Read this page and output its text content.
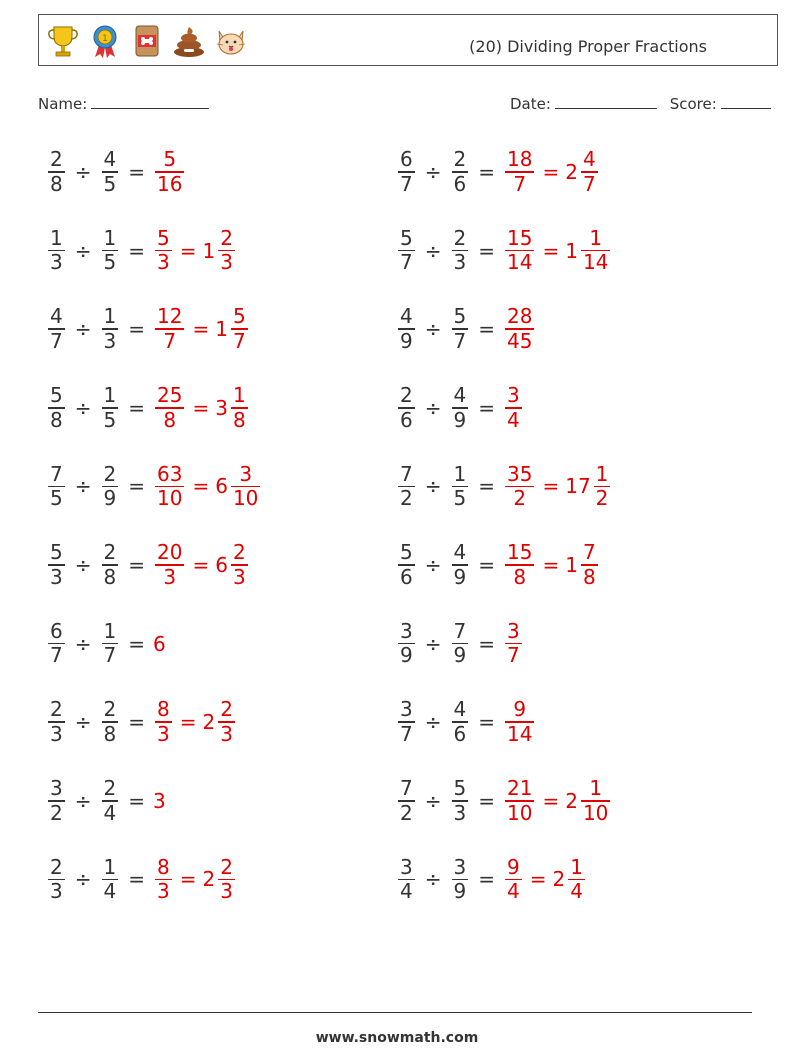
1	(20) Dividing Proper Fractions
Name:	Date:	Score:
$\frac{2}{8} \div \frac{4}{5} = \frac{5}{16}$	$\frac{6}{7} \div \frac{2}{6} = \frac{18}{7} = 2 \frac{4}{7}$
$\frac{1}{3} \div \frac{1}{5} = \frac{5}{3} = 1 \frac{2}{3}$	$\frac{5}{7} \div \frac{2}{3} = \frac{15}{14} = 1 \frac{1}{14}$
$\frac{4}{7} \div \frac{1}{3} = \frac{12}{7} = 1 \frac{5}{7}$	$\frac{4}{9} \div \frac{5}{7} = \frac{28}{45}$
$\frac{5}{8} \div \frac{1}{5} = \frac{25}{8} = 3 \frac{1}{8}$	$\frac{2}{6} \div \frac{4}{9} = \frac{3}{4}$
$\frac{7}{5} \div \frac{2}{9} = \frac{63}{10} = 6 \frac{3}{10}$	$\frac{7}{2} \div \frac{1}{5} = \frac{35}{2} = 17 \frac{1}{2}$
$\frac{5}{3} \div \frac{2}{8} = \frac{20}{3} = 6 \frac{2}{3}$	$\frac{5}{6} \div \frac{4}{9} = \frac{15}{8} = 1 \frac{7}{8}$
$\frac{6}{7} \div \frac{1}{7} = 6$	$\frac{3}{9} \div \frac{7}{9} = \frac{3}{7}$
$\frac{2}{3} \div \frac{2}{8} = \frac{8}{3} = 2 \frac{2}{3}$	$\frac{3}{7} \div \frac{4}{6} = \frac{9}{14}$
$\frac{3}{2} \div \frac{2}{4} = 3$	$\frac{7}{2} \div \frac{5}{3} = \frac{21}{10} = 2 \frac{1}{10}$
$\frac{2}{3} \div \frac{1}{4} = \frac{8}{3} = 2 \frac{2}{3}$	$\frac{3}{4} \div \frac{3}{9} = \frac{9}{4} = 2 \frac{1}{4}$
www.snowmath.com
